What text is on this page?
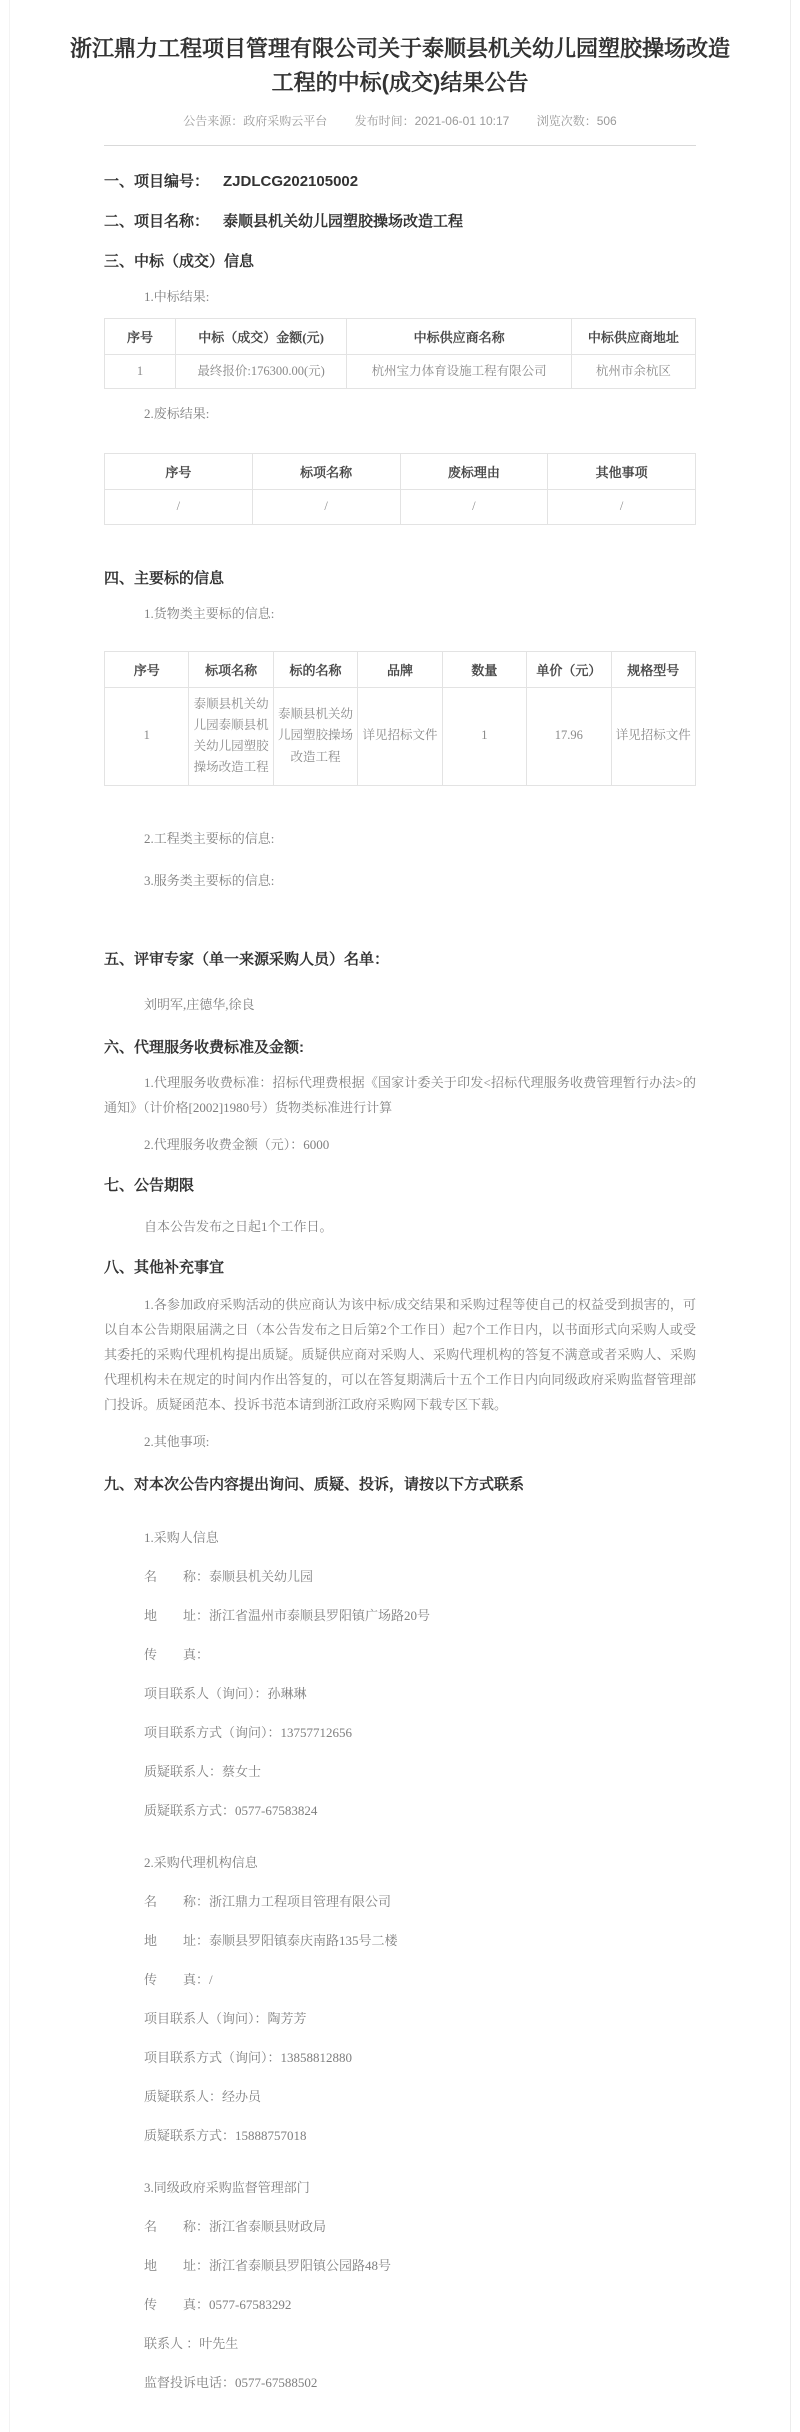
浙江鼎力工程项目管理有限公司关于泰顺县机关幼儿园塑胶操场改造工程的中标(成交)结果公告
公告来源：政府采购云平台 发布时间：2021-06-01 10:17 浏览次数：506
一、项目编号： ZJDLCG202105002
二、项目名称： 泰顺县机关幼儿园塑胶操场改造工程
三、中标（成交）信息
1.中标结果:
序号	中标（成交）金额(元)	中标供应商名称	中标供应商地址
1	最终报价:176300.00(元)	杭州宝力体育设施工程有限公司	杭州市余杭区
2.废标结果:
序号	标项名称	废标理由	其他事项
/	/	/	/
四、主要标的信息
1.货物类主要标的信息:
序号	标项名称	标的名称	品牌	数量	单价（元）	规格型号
1	泰顺县机关幼儿园泰顺县机关幼儿园塑胶操场改造工程	泰顺县机关幼儿园塑胶操场改造工程	详见招标文件	1	17.96	详见招标文件
2.工程类主要标的信息:
3.服务类主要标的信息:
五、评审专家（单一来源采购人员）名单：
刘明军,庄德华,徐良
六、代理服务收费标准及金额:
1.代理服务收费标准：招标代理费根据《国家计委关于印发<招标代理服务收费管理暂行办法>的通知》（计价格[2002]1980号）货物类标准进行计算
2.代理服务收费金额（元）：6000
七、公告期限
自本公告发布之日起1个工作日。
八、其他补充事宜
1.各参加政府采购活动的供应商认为该中标/成交结果和采购过程等使自己的权益受到损害的，可以自本公告期限届满之日（本公告发布之日后第2个工作日）起7个工作日内，以书面形式向采购人或受其委托的采购代理机构提出质疑。质疑供应商对采购人、采购代理机构的答复不满意或者采购人、采购代理机构未在规定的时间内作出答复的，可以在答复期满后十五个工作日内向同级政府采购监督管理部门投诉。质疑函范本、投诉书范本请到浙江政府采购网下载专区下载。
2.其他事项:
九、对本次公告内容提出询问、质疑、投诉，请按以下方式联系
1.采购人信息
名　　称：泰顺县机关幼儿园
地　　址：浙江省温州市泰顺县罗阳镇广场路20号
传　　真：
项目联系人（询问）：孙琳琳
项目联系方式（询问）：13757712656
质疑联系人：蔡女士
质疑联系方式：0577-67583824
2.采购代理机构信息
名　　称：浙江鼎力工程项目管理有限公司
地　　址：泰顺县罗阳镇泰庆南路135号二楼
传　　真：/
项目联系人（询问）：陶芳芳
项目联系方式（询问）：13858812880
质疑联系人：经办员
质疑联系方式：15888757018
3.同级政府采购监督管理部门
名　　称：浙江省泰顺县财政局
地　　址：浙江省泰顺县罗阳镇公园路48号
传　　真：0577-67583292
联系人 ：叶先生
监督投诉电话：0577-67588502
